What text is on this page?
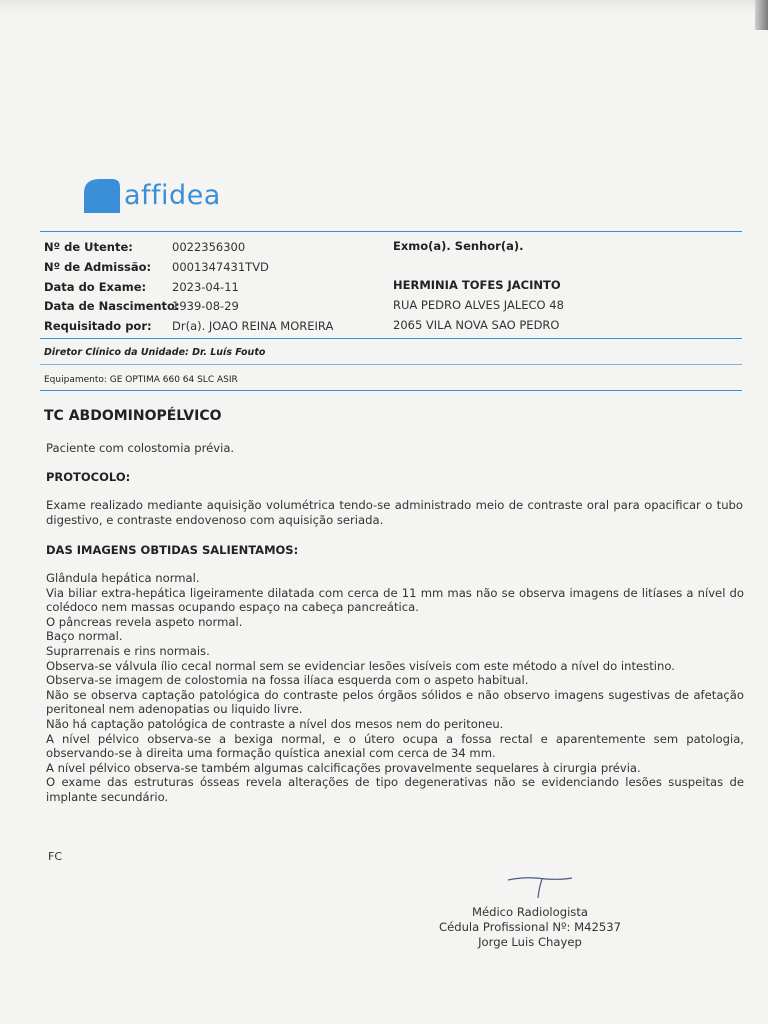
affidea
Nº de Utente:	0022356300
Nº de Admissão: 0001347431TVD
Data do Exame: 2023-04-11
Data de Nascimento:
1939-08-29
Requisitado por: Dr(a). JOAO REINA MOREIRA
Exmo(a). Senhor(a).
HERMINIA TOFES JACINTO
RUA PEDRO ALVES JALECO 48
2065 VILA NOVA SAO PEDRO
Diretor Clínico da Unidade: Dr. Luís Fouto
Equipamento: GE OPTIMA 660 64 SLC ASIR
TC ABDOMINOPÉLVICO
Paciente com colostomia prévia.
PROTOCOLO:
Exame realizado mediante aquisição volumétrica tendo-se administrado meio de contraste oral para opacificar o tubo digestivo, e contraste endovenoso com aquisição seriada.
DAS IMAGENS OBTIDAS SALIENTAMOS:
Glândula hepática normal.
Via biliar extra-hepática ligeiramente dilatada com cerca de 11 mm mas não se observa imagens de litíases a nível do colédoco nem massas ocupando espaço na cabeça pancreática.
O pâncreas revela aspeto normal.
Baço normal.
Suprarrenais e rins normais.
Observa-se válvula ílio cecal normal sem se evidenciar lesões visíveis com este método a nível do intestino.
Observa-se imagem de colostomia na fossa ilíaca esquerda com o aspeto habitual.
Não se observa captação patológica do contraste pelos órgãos sólidos e não observo imagens sugestivas de afetação peritoneal nem adenopatias ou liquido livre.
Não há captação patológica de contraste a nível dos mesos nem do peritoneu.
A nível pélvico observa-se a bexiga normal, e o útero ocupa a fossa rectal e aparentemente sem patologia, observando-se à direita uma formação quística anexial com cerca de 34 mm.
A nível pélvico observa-se também algumas calcificações provavelmente sequelares à cirurgia prévia.
O exame das estruturas ósseas revela alterações de tipo degenerativas não se evidenciando lesões suspeitas de implante secundário.
FC
Médico Radiologista
Cédula Profissional Nº: M42537
Jorge Luis Chayep
